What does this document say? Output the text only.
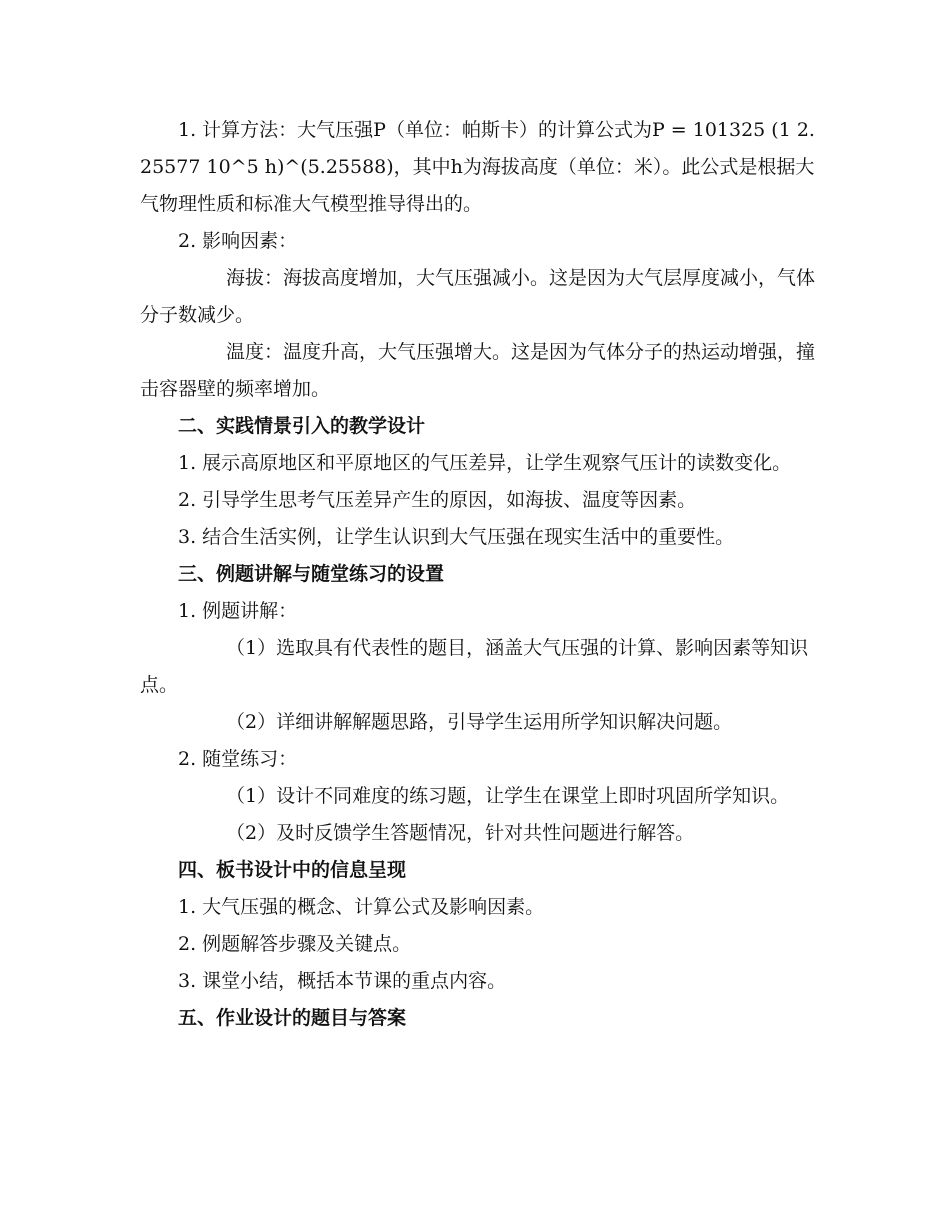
1. 计算方法：大气压强P（单位：帕斯卡）的计算公式为P = 101325 (1 2.25577 10^5 h)^(5.25588)，其中h为海拔高度（单位：米）。此公式是根据大气物理性质和标准大气模型推导得出的。

2. 影响因素：

海拔：海拔高度增加，大气压强减小。这是因为大气层厚度减小，气体分子数减少。

温度：温度升高，大气压强增大。这是因为气体分子的热运动增强，撞击容器壁的频率增加。

二、实践情景引入的教学设计

1. 展示高原地区和平原地区的气压差异，让学生观察气压计的读数变化。

2. 引导学生思考气压差异产生的原因，如海拔、温度等因素。

3. 结合生活实例，让学生认识到大气压强在现实生活中的重要性。

三、例题讲解与随堂练习的设置

1. 例题讲解：

（1）选取具有代表性的题目，涵盖大气压强的计算、影响因素等知识点。

（2）详细讲解解题思路，引导学生运用所学知识解决问题。

2. 随堂练习：

（1）设计不同难度的练习题，让学生在课堂上即时巩固所学知识。

（2）及时反馈学生答题情况，针对共性问题进行解答。

四、板书设计中的信息呈现

1. 大气压强的概念、计算公式及影响因素。

2. 例题解答步骤及关键点。

3. 课堂小结，概括本节课的重点内容。

五、作业设计的题目与答案
